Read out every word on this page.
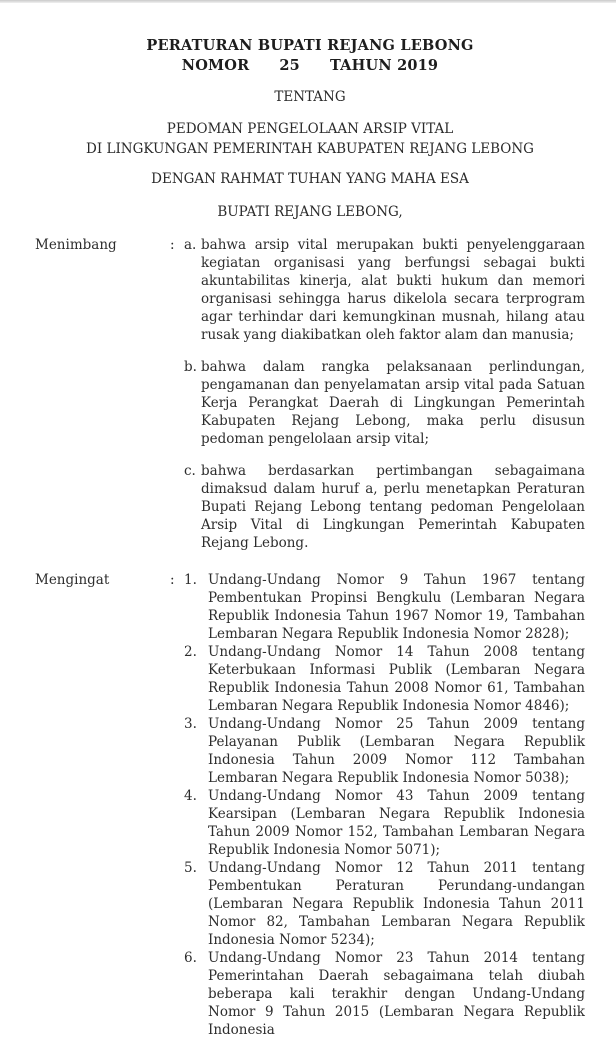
PERATURAN BUPATI REJANG LEBONG
NOMOR 25 TAHUN 2019
TENTANG
PEDOMAN PENGELOLAAN ARSIP VITAL
DI LINGKUNGAN PEMERINTAH KABUPATEN REJANG LEBONG
DENGAN RAHMAT TUHAN YANG MAHA ESA
BUPATI REJANG LEBONG,
Menimbang	: a. bahwa arsip vital merupakan bukti penyelenggaraan kegiatan organisasi yang berfungsi sebagai bukti akuntabilitas kinerja, alat bukti hukum dan memori organisasi sehingga harus dikelola secara terprogram agar terhindar dari kemungkinan musnah, hilang atau rusak yang diakibatkan oleh faktor alam dan manusia;
b. bahwa dalam rangka pelaksanaan perlindungan, pengamanan dan penyelamatan arsip vital pada Satuan Kerja Perangkat Daerah di Lingkungan Pemerintah Kabupaten Rejang Lebong, maka perlu disusun pedoman pengelolaan arsip vital;
c. bahwa berdasarkan pertimbangan sebagaimana dimaksud dalam huruf a, perlu menetapkan Peraturan Bupati Rejang Lebong tentang pedoman Pengelolaan Arsip Vital di Lingkungan Pemerintah Kabupaten Rejang Lebong.
Mengingat	: 1. Undang-Undang Nomor 9 Tahun 1967 tentang Pembentukan Propinsi Bengkulu (Lembaran Negara Republik Indonesia Tahun 1967 Nomor 19, Tambahan Lembaran Negara Republik Indonesia Nomor 2828);
2. Undang-Undang Nomor 14 Tahun 2008 tentang Keterbukaan Informasi Publik (Lembaran Negara Republik Indonesia Tahun 2008 Nomor 61, Tambahan Lembaran Negara Republik Indonesia Nomor 4846);
3. Undang-Undang Nomor 25 Tahun 2009 tentang Pelayanan Publik (Lembaran Negara Republik Indonesia Tahun 2009 Nomor 112 Tambahan Lembaran Negara Republik Indonesia Nomor 5038);
4. Undang-Undang Nomor 43 Tahun 2009 tentang Kearsipan (Lembaran Negara Republik Indonesia Tahun 2009 Nomor 152, Tambahan Lembaran Negara Republik Indonesia Nomor 5071);
5. Undang-Undang Nomor 12 Tahun 2011 tentang Pembentukan Peraturan Perundang-undangan (Lembaran Negara Republik Indonesia Tahun 2011 Nomor 82, Tambahan Lembaran Negara Republik Indonesia Nomor 5234);
6. Undang-Undang Nomor 23 Tahun 2014 tentang Pemerintahan Daerah sebagaimana telah diubah beberapa kali terakhir dengan Undang-Undang Nomor 9 Tahun 2015 (Lembaran Negara Republik Indonesia
